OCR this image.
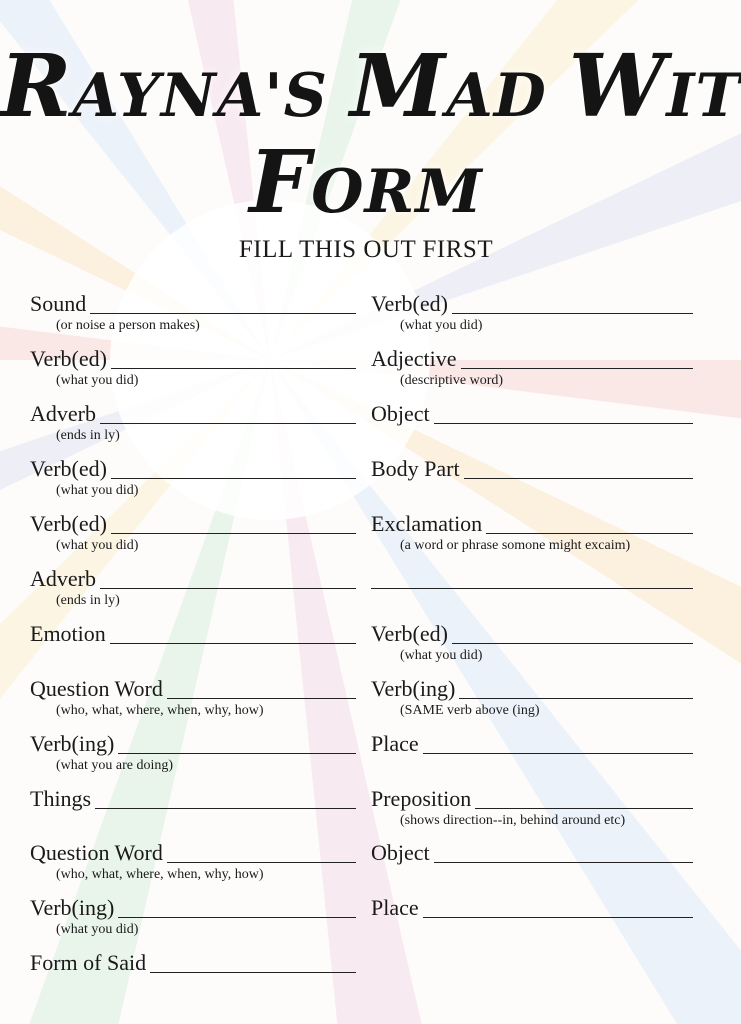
RAYNA'S MAD WIT
FORM
FILL THIS OUT FIRST
Sound
(or noise a person makes)
Verb(ed)
(what you did)
Adverb
(ends in ly)
Verb(ed)
(what you did)
Verb(ed)
(what you did)
Adverb
(ends in ly)
Emotion
Question Word
(who, what, where, when, why, how)
Verb(ing)
(what you are doing)
Things
Question Word
(who, what, where, when, why, how)
Verb(ing)
(what you did)
Form of Said
Verb(ed)
(what you did)
Adjective
(descriptive word)
Object
Body Part
Exclamation
(a word or phrase somone might excaim)
Verb(ed)
(what you did)
Verb(ing)
(SAME verb above (ing)
Place
Preposition
(shows direction--in, behind around etc)
Object
Place
